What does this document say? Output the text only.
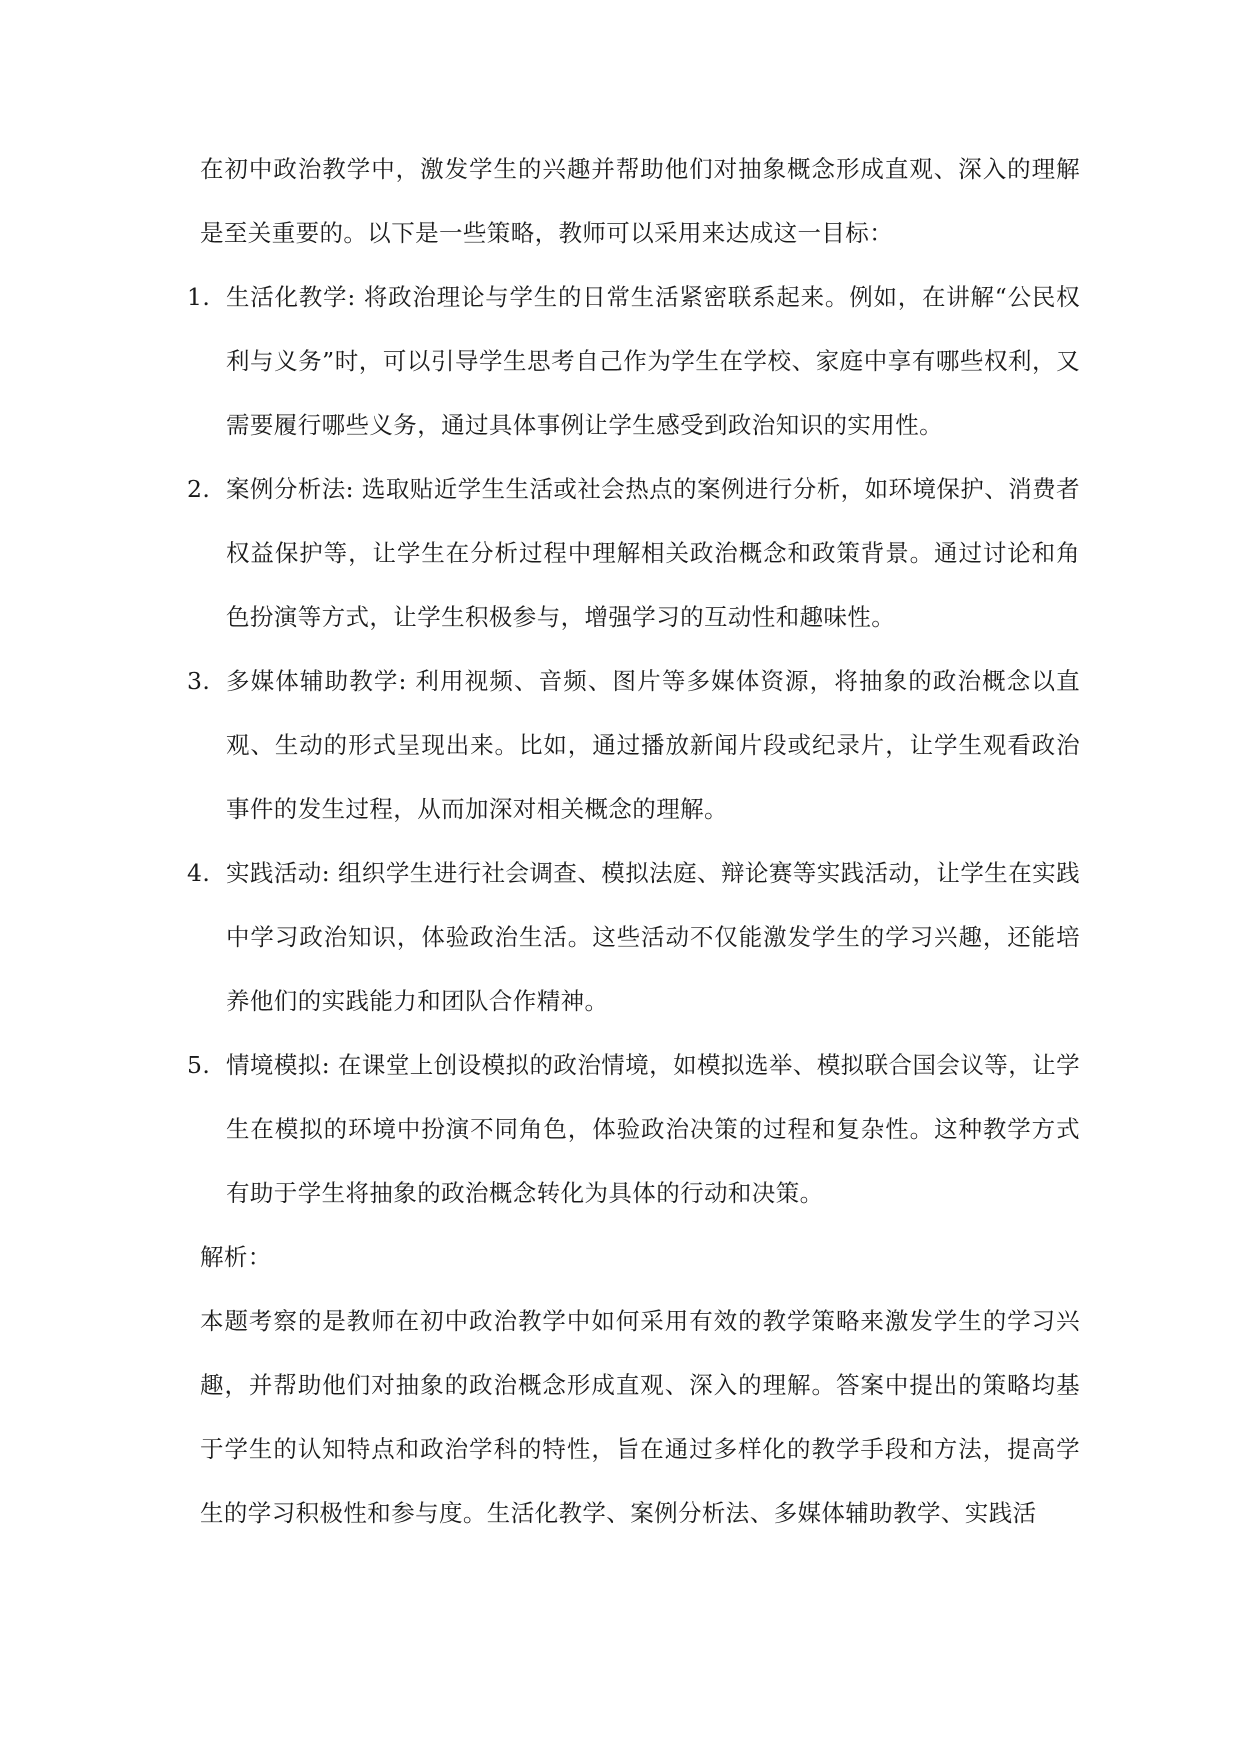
在初中政治教学中，激发学生的兴趣并帮助他们对抽象概念形成直观、深入的理解是至关重要的。以下是一些策略，教师可以采用来达成这一目标：

1. 生活化教学: 将政治理论与学生的日常生活紧密联系起来。例如，在讲解“公民权利与义务”时，可以引导学生思考自己作为学生在学校、家庭中享有哪些权利，又需要履行哪些义务，通过具体事例让学生感受到政治知识的实用性。
2. 案例分析法: 选取贴近学生生活或社会热点的案例进行分析，如环境保护、消费者权益保护等，让学生在分析过程中理解相关政治概念和政策背景。通过讨论和角色扮演等方式，让学生积极参与，增强学习的互动性和趣味性。
3. 多媒体辅助教学: 利用视频、音频、图片等多媒体资源，将抽象的政治概念以直观、生动的形式呈现出来。比如，通过播放新闻片段或纪录片，让学生观看政治事件的发生过程，从而加深对相关概念的理解。
4. 实践活动: 组织学生进行社会调查、模拟法庭、辩论赛等实践活动，让学生在实践中学习政治知识，体验政治生活。这些活动不仅能激发学生的学习兴趣，还能培养他们的实践能力和团队合作精神。
5. 情境模拟: 在课堂上创设模拟的政治情境，如模拟选举、模拟联合国会议等，让学生在模拟的环境中扮演不同角色，体验政治决策的过程和复杂性。这种教学方式有助于学生将抽象的政治概念转化为具体的行动和决策。

解析：

本题考察的是教师在初中政治教学中如何采用有效的教学策略来激发学生的学习兴趣，并帮助他们对抽象的政治概念形成直观、深入的理解。答案中提出的策略均基于学生的认知特点和政治学科的特性，旨在通过多样化的教学手段和方法，提高学生的学习积极性和参与度。生活化教学、案例分析法、多媒体辅助教学、实践活
